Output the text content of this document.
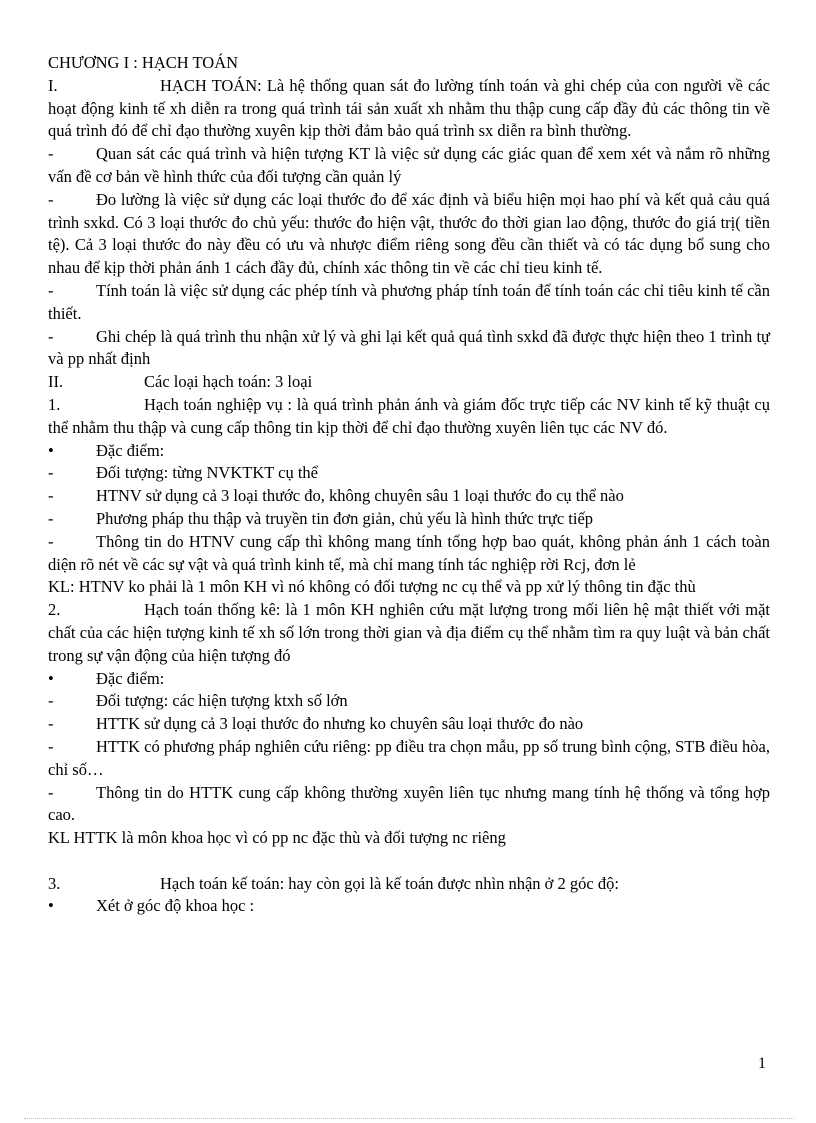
CHƯƠNG I : HẠCH TOÁN

I.	HẠCH TOÁN: Là hệ thống quan sát đo lường tính toán và ghi chép của con người về các hoạt động kinh tế xh diễn ra trong quá trình tái sản xuất xh nhằm thu thập cung cấp đầy đủ các thông tin về quá trình đó để chỉ đạo thường xuyên kịp thời đảm bảo quá trình sx diễn ra bình thường.

-	Quan sát các quá trình và hiện tượng KT là việc sử dụng các giác quan để xem xét và nắm rõ những vấn đề cơ bản về hình thức của đối tượng cần quản lý

-	Đo lường là việc sử dụng các loại thước đo để xác định và biểu hiện mọi hao phí và kết quả cảu quá trình sxkd. Có 3 loại thước đo chủ yếu: thước đo hiện vật, thước đo thời gian lao động, thước đo giá trị( tiền tệ). Cả 3 loại thước đo này đều có ưu và nhược điểm riêng song đều cần thiết và có tác dụng bổ sung cho nhau để kịp thời phản ánh 1 cách đầy đủ, chính xác thông tin về các chỉ tieu kinh tế.

-	Tính toán là việc sử dụng các phép tính và phương pháp tính toán để tính toán các chỉ tiêu kinh tế cần thiết.

-	Ghi chép là quá trình thu nhận xử lý và ghi lại kết quả quá tình sxkd đã được thực hiện theo 1 trình tự và pp nhất định

II.	Các loại hạch toán: 3 loại

1.	Hạch toán nghiệp vụ : là quá trình phản ánh và giám đốc trực tiếp các NV kinh tế kỹ thuật cụ thể nhằm thu thập và cung cấp thông tin kịp thời để chỉ đạo thường xuyên liên tục các NV đó.

•	Đặc điểm:

-	Đối tượng: từng NVKTKT cụ thể

-	HTNV sử dụng cả 3 loại thước đo, không chuyên sâu 1 loại thước đo cụ thể nào

-	Phương pháp thu thập và truyền tin đơn giản, chủ yếu là hình thức trực tiếp

-	Thông tin do HTNV cung cấp thì không mang tính tổng hợp bao quát, không phản ánh 1 cách toàn diện rõ nét về các sự vật và quá trình kinh tế, mà chỉ mang tính tác nghiệp rời Rcj, đơn lẻ

KL: HTNV ko phải là 1 môn KH vì nó không có đối tượng nc cụ thể và pp xử lý thông tin đặc thù

2.	Hạch toán thống kê: là 1 môn KH nghiên cứu mặt lượng trong mối liên hệ mật thiết với mặt chất của các hiện tượng kinh tế xh số lớn trong thời gian và địa điểm cụ thể nhằm tìm ra quy luật và bản chất trong sự vận động của hiện tượng đó

•	Đặc điểm:

-	Đối tượng: các hiện tượng ktxh số lớn

-	HTTK sử dụng cả 3 loại thước đo nhưng ko chuyên sâu loại thước đo nào

-	HTTK có phương pháp nghiên cứu riêng: pp điều tra chọn mẫu, pp số trung bình cộng, STB điều hòa, chỉ số…

-	Thông tin do HTTK cung cấp không thường xuyên liên tục nhưng mang tính hệ thống và tổng hợp cao.

KL HTTK là môn khoa học vì có pp nc đặc thù và đối tượng nc riêng

3.	Hạch toán kế toán: hay còn gọi là kế toán được nhìn nhận ở 2 góc độ:

•	Xét ở góc độ khoa học :

1
